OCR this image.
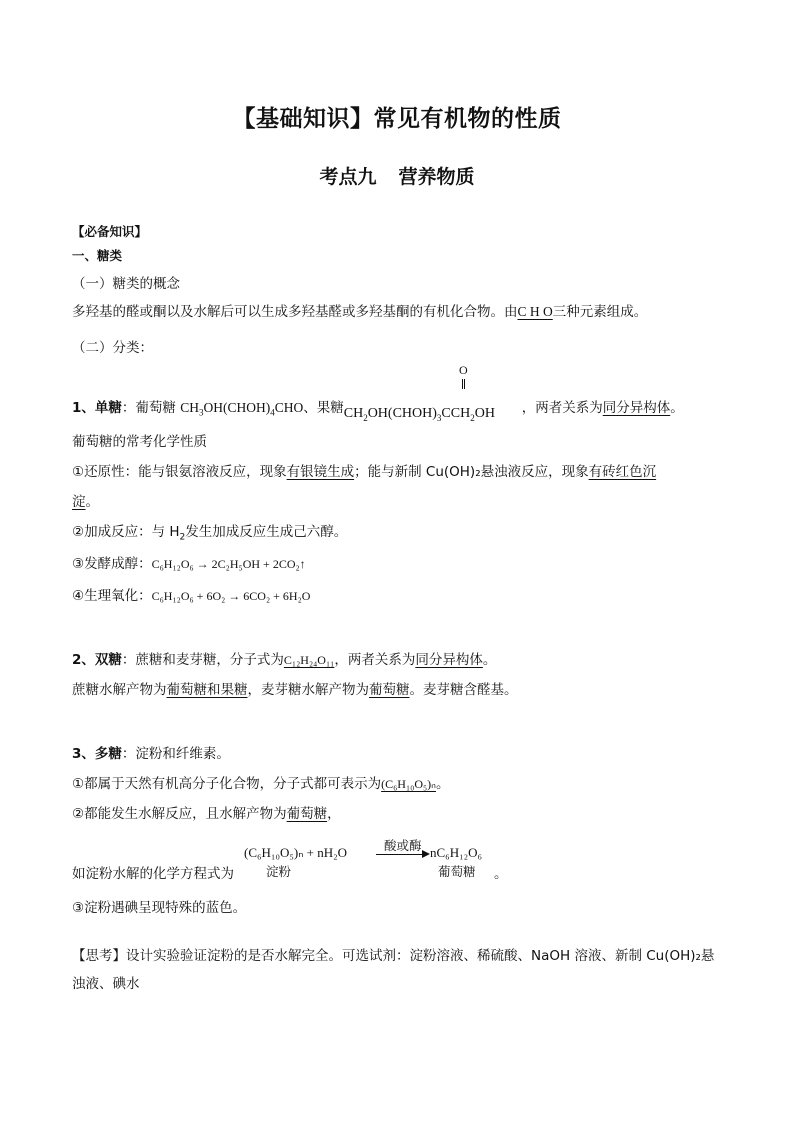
【基础知识】常见有机物的性质
考点九 营养物质
【必备知识】
一、糖类
（一）糖类的概念
多羟基的醛或酮以及水解后可以生成多羟基醛或多羟基酮的有机化合物。由C H O三种元素组成。
（二）分类：
1、单糖：葡萄糖 $CH_3OH(CHOH)_4CHO$、果糖 $CH_2OH(CHOH)_3CCH_2OH$ ，两者关系为同分异构体。
O
葡萄糖的常考化学性质
①还原性：能与银氨溶液反应，现象有银镜生成；能与新制 Cu(OH)₂悬浊液反应，现象有砖红色沉
淀。
②加成反应：与 $H_2$发生加成反应生成己六醇。
③发酵成醇：C₆H₁₂O₆ → 2C₂H₅OH + 2CO₂↑
④生理氧化：C₆H₁₂O₆ + 6O₂ → 6CO₂ + 6H₂O
2、双糖：蔗糖和麦芽糖，分子式为C₁₂H₂₄O₁₁，两者关系为同分异构体。
蔗糖水解产物为葡萄糖和果糖，麦芽糖水解产物为葡萄糖。麦芽糖含醛基。
3、多糖：淀粉和纤维素。
①都属于天然有机高分子化合物，分子式都可表示为(C₆H₁₀O₅)ₙ。
②都能发生水解反应，且水解产物为葡萄糖，
如淀粉水解的化学方程式为
(C₆H₁₀O₅)ₙ + nH₂O
淀粉
酸或酶 nC₆H₁₂O₆
葡萄糖 。
③淀粉遇碘呈现特殊的蓝色。
【思考】设计实验验证淀粉的是否水解完全。可选试剂：淀粉溶液、稀硫酸、NaOH 溶液、新制 Cu(OH)₂悬
浊液、碘水
